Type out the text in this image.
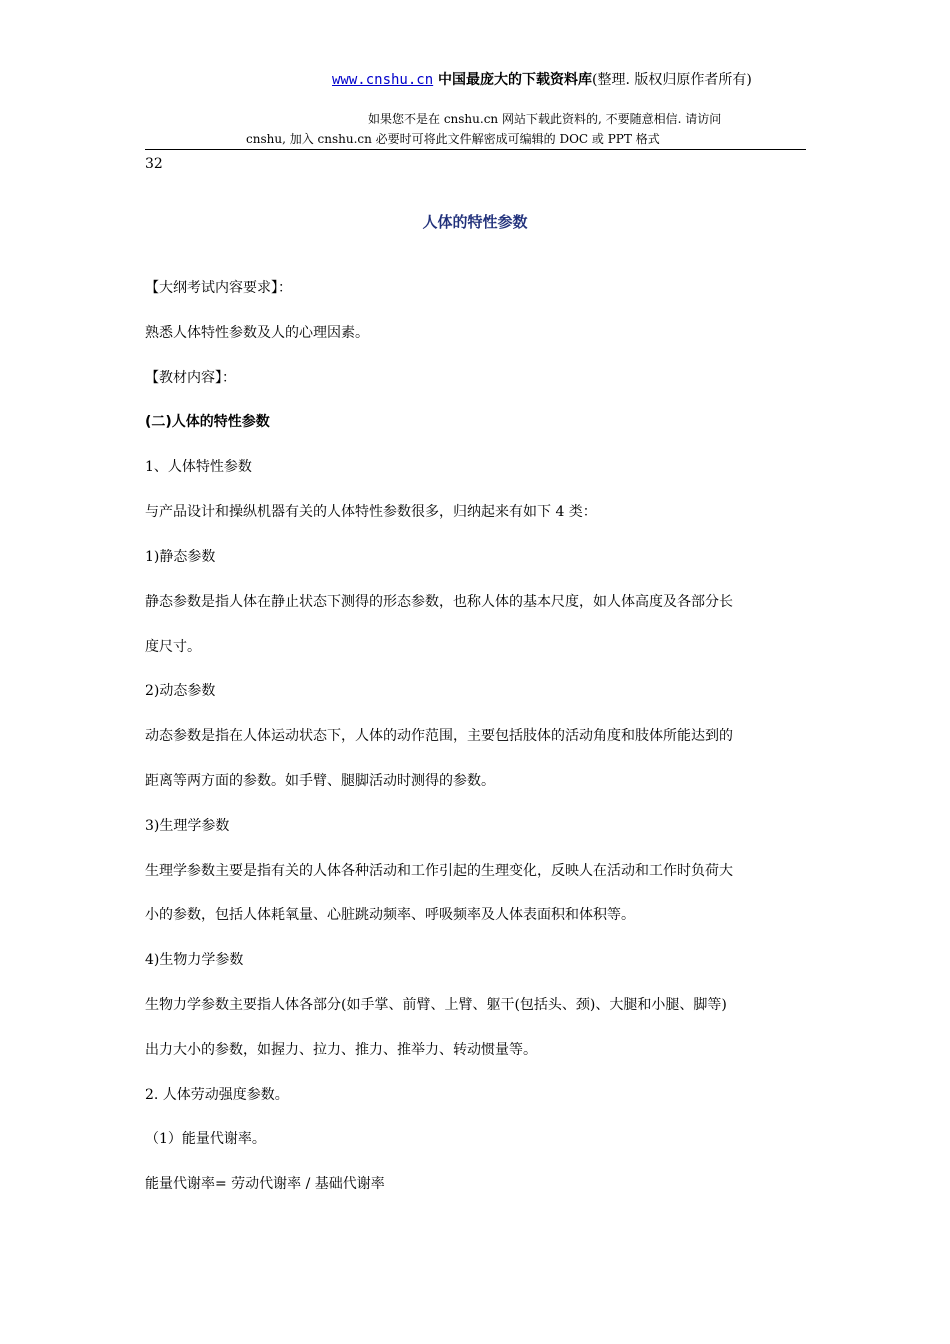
www.cnshu.cn 中国最庞大的下载资料库(整理. 版权归原作者所有)
如果您不是在 cnshu.cn 网站下载此资料的, 不要随意相信. 请访问
cnshu, 加入 cnshu.cn 必要时可将此文件解密成可编辑的 DOC 或 PPT 格式
32
人体的特性参数
【大纲考试内容要求】：
熟悉人体特性参数及人的心理因素。
【教材内容】：
(二)人体的特性参数
1、人体特性参数
与产品设计和操纵机器有关的人体特性参数很多，归纳起来有如下 4 类：
1)静态参数
静态参数是指人体在静止状态下测得的形态参数，也称人体的基本尺度，如人体高度及各部分长
度尺寸。
2)动态参数
动态参数是指在人体运动状态下，人体的动作范围，主要包括肢体的活动角度和肢体所能达到的
距离等两方面的参数。如手臂、腿脚活动时测得的参数。
3)生理学参数
生理学参数主要是指有关的人体各种活动和工作引起的生理变化，反映人在活动和工作时负荷大
小的参数，包括人体耗氧量、心脏跳动频率、呼吸频率及人体表面积和体积等。
4)生物力学参数
生物力学参数主要指人体各部分(如手掌、前臂、上臂、躯干(包括头、颈)、大腿和小腿、脚等)
出力大小的参数，如握力、拉力、推力、推举力、转动惯量等。
2. 人体劳动强度参数。
（1）能量代谢率。
能量代谢率= 劳动代谢率 / 基础代谢率
